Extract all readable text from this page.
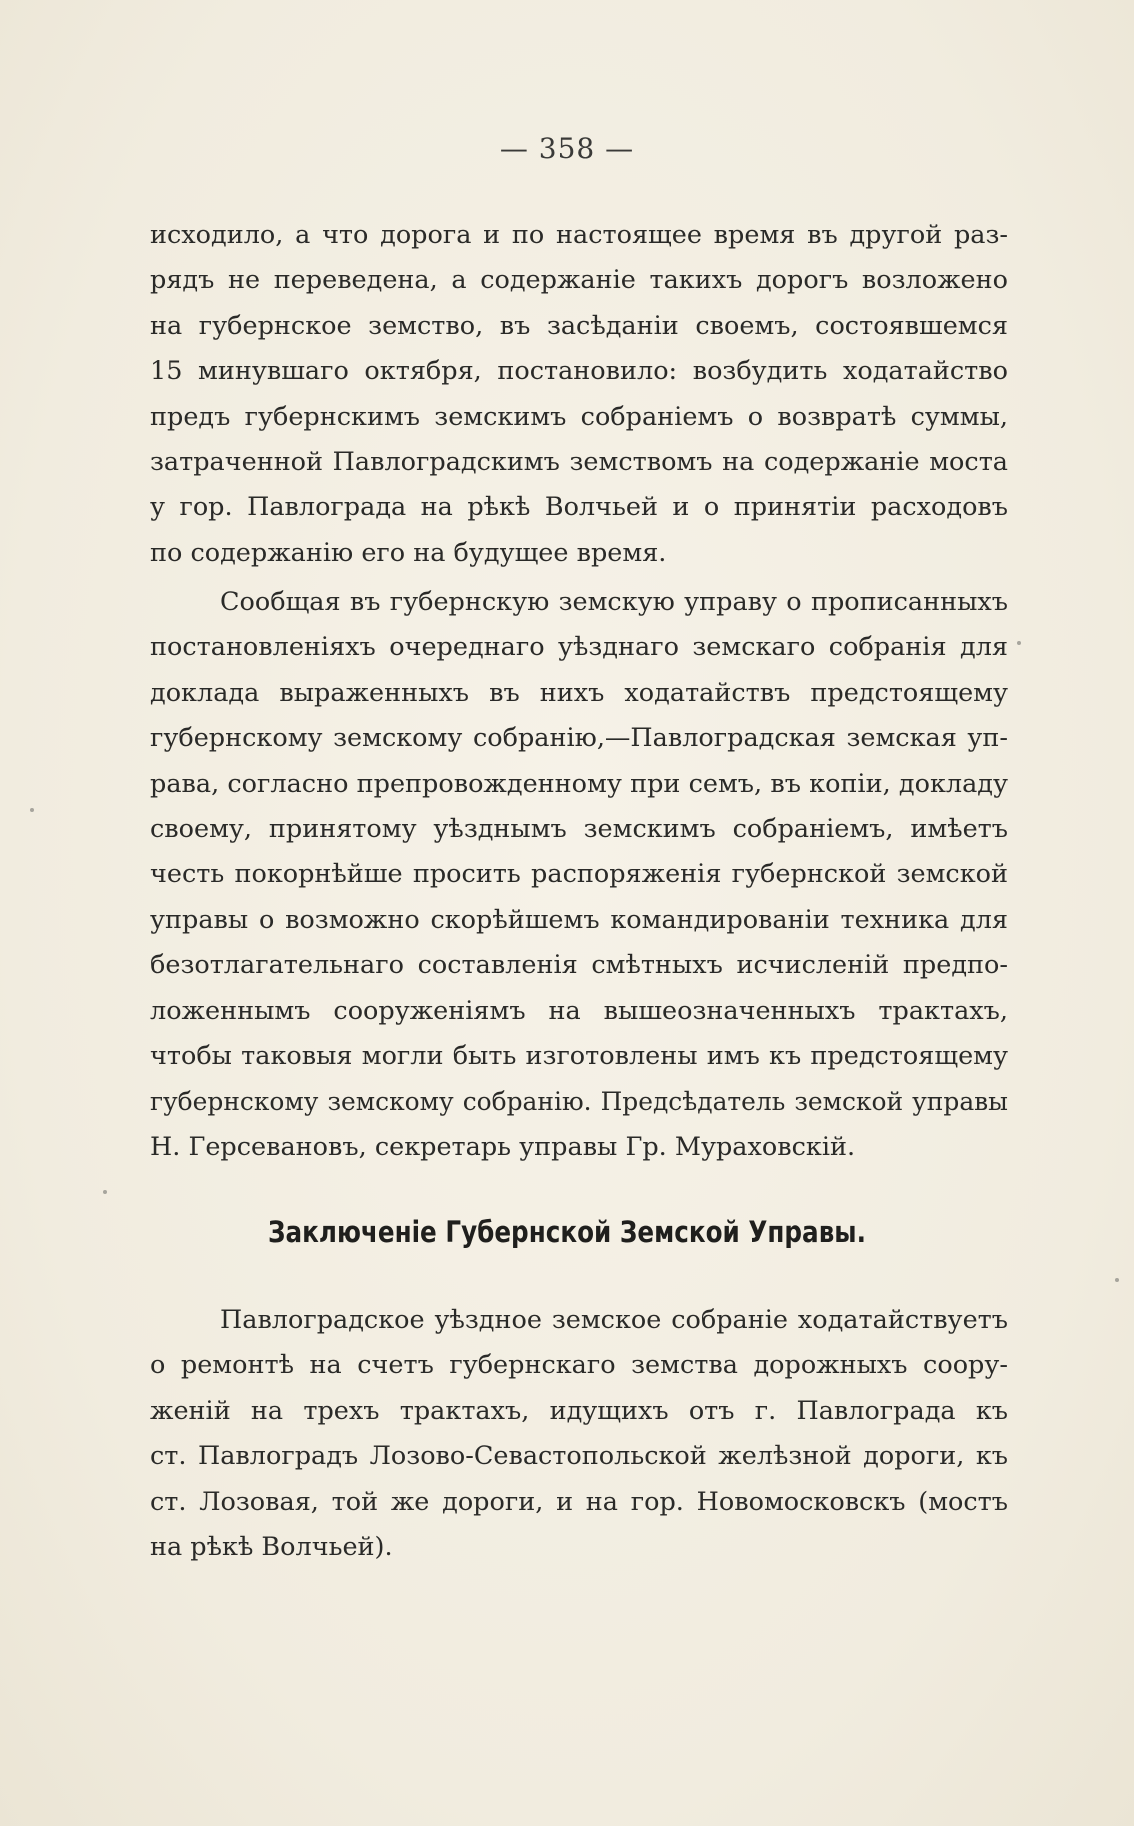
— 358 —
исходило, а что дорога и по настоящее время въ другой раз-
рядъ не переведена, а содержаніе такихъ дорогъ возложено
на губернское земство, въ засѣданіи своемъ, состоявшемся
15 минувшаго октября, постановило: возбудить ходатайство
предъ губернскимъ земскимъ собраніемъ о возвратѣ суммы,
затраченной Павлоградскимъ земствомъ на содержаніе моста
у гор. Павлограда на рѣкѣ Волчьей и о принятіи расходовъ
по содержанію его на будущее время.
Сообщая въ губернскую земскую управу о прописанныхъ
постановленіяхъ очереднаго уѣзднаго земскаго собранія для
доклада выраженныхъ въ нихъ ходатайствъ предстоящему
губернскому земскому собранію,—Павлоградская земская уп-
рава, согласно препровожденному при семъ, въ копіи, докладу
своему, принятому уѣзднымъ земскимъ собраніемъ, имѣетъ
честь покорнѣйше просить распоряженія губернской земской
управы о возможно скорѣйшемъ командированіи техника для
безотлагательнаго составленія смѣтныхъ исчисленій предпо-
ложеннымъ сооруженіямъ на вышеозначенныхъ трактахъ,
чтобы таковыя могли быть изготовлены имъ къ предстоящему
губернскому земскому собранію. Предсѣдатель земской управы
Н. Герсевановъ, секретарь управы Гр. Мураховскій.
Заключеніе Губернской Земской Управы.
Павлоградское уѣздное земское собраніе ходатайствуетъ
о ремонтѣ на счетъ губернскаго земства дорожныхъ соору-
женій на трехъ трактахъ, идущихъ отъ г. Павлограда къ
ст. Павлоградъ Лозово-Севастопольской желѣзной дороги, къ
ст. Лозовая, той же дороги, и на гор. Новомосковскъ (мостъ
на рѣкѣ Волчьей).
